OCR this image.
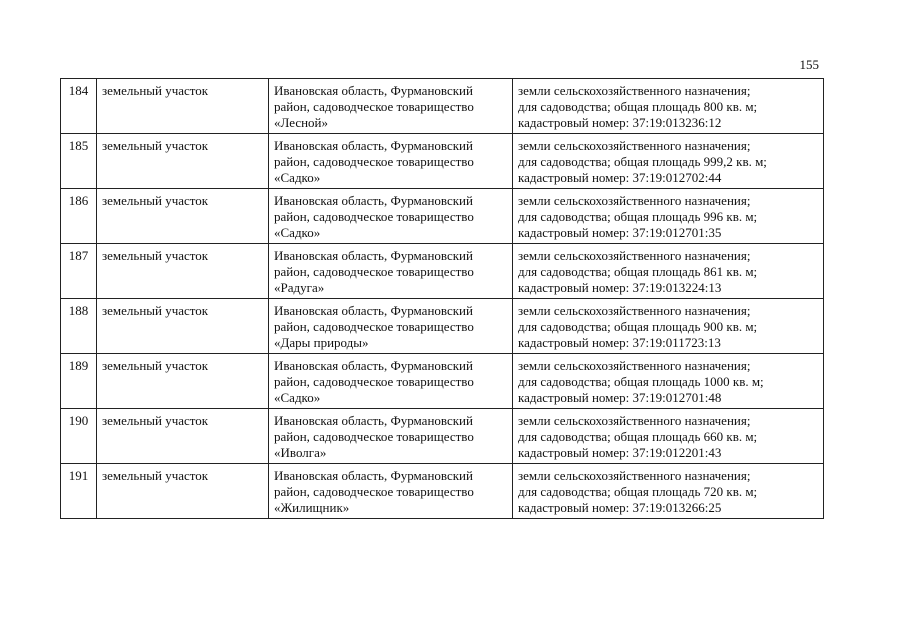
155
184	земельный участок	Ивановская область, Фурмановский
район, садоводческое товарищество
«Лесной»	земли сельскохозяйственного назначения;
для садоводства; общая площадь 800 кв. м;
кадастровый номер: 37:19:013236:12

185	земельный участок	Ивановская область, Фурмановский
район, садоводческое товарищество
«Садко»	земли сельскохозяйственного назначения;
для садоводства; общая площадь 999,2 кв. м;
кадастровый номер: 37:19:012702:44

186	земельный участок	Ивановская область, Фурмановский
район, садоводческое товарищество
«Садко»	земли сельскохозяйственного назначения;
для садоводства; общая площадь 996 кв. м;
кадастровый номер: 37:19:012701:35

187	земельный участок	Ивановская область, Фурмановский
район, садоводческое товарищество
«Радуга»	земли сельскохозяйственного назначения;
для садоводства; общая площадь 861 кв. м;
кадастровый номер: 37:19:013224:13

188	земельный участок	Ивановская область, Фурмановский
район, садоводческое товарищество
«Дары природы»	земли сельскохозяйственного назначения;
для садоводства; общая площадь 900 кв. м;
кадастровый номер: 37:19:011723:13

189	земельный участок	Ивановская область, Фурмановский
район, садоводческое товарищество
«Садко»	земли сельскохозяйственного назначения;
для садоводства; общая площадь 1000 кв. м;
кадастровый номер: 37:19:012701:48

190	земельный участок	Ивановская область, Фурмановский
район, садоводческое товарищество
«Иволга»	земли сельскохозяйственного назначения;
для садоводства; общая площадь 660 кв. м;
кадастровый номер: 37:19:012201:43

191	земельный участок	Ивановская область, Фурмановский
район, садоводческое товарищество
«Жилищник»	земли сельскохозяйственного назначения;
для садоводства; общая площадь 720 кв. м;
кадастровый номер: 37:19:013266:25
